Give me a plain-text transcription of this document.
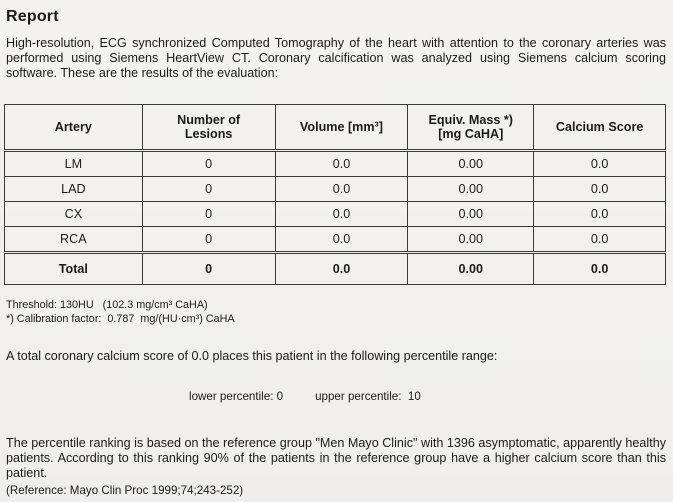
Report
High-resolution, ECG synchronized Computed Tomography of the heart with attention to the coronary arteries was performed using Siemens HeartView CT. Coronary calcification was analyzed using Siemens calcium scoring software. These are the results of the evaluation:
Artery	Number of Lesions	Volume [mm³]	Equiv. Mass *) [mg CaHA]	Calcium Score
LM	0	0.0	0.00	0.0
LAD	0	0.0	0.00	0.0
CX	0	0.0	0.00	0.0
RCA	0	0.0	0.00	0.0
Total	0	0.0	0.00	0.0
Threshold: 130HU   (102.3 mg/cm³ CaHA)
*) Calibration factor:  0.787  mg/(HU·cm³) CaHA
A total coronary calcium score of 0.0 places this patient in the following percentile range:
lower percentile: 0	upper percentile:  10
The percentile ranking is based on the reference group "Men Mayo Clinic" with 1396 asymptomatic, apparently healthy patients. According to this ranking 90% of the patients in the reference group have a higher calcium score than this patient.
(Reference: Mayo Clin Proc 1999;74;243-252)
